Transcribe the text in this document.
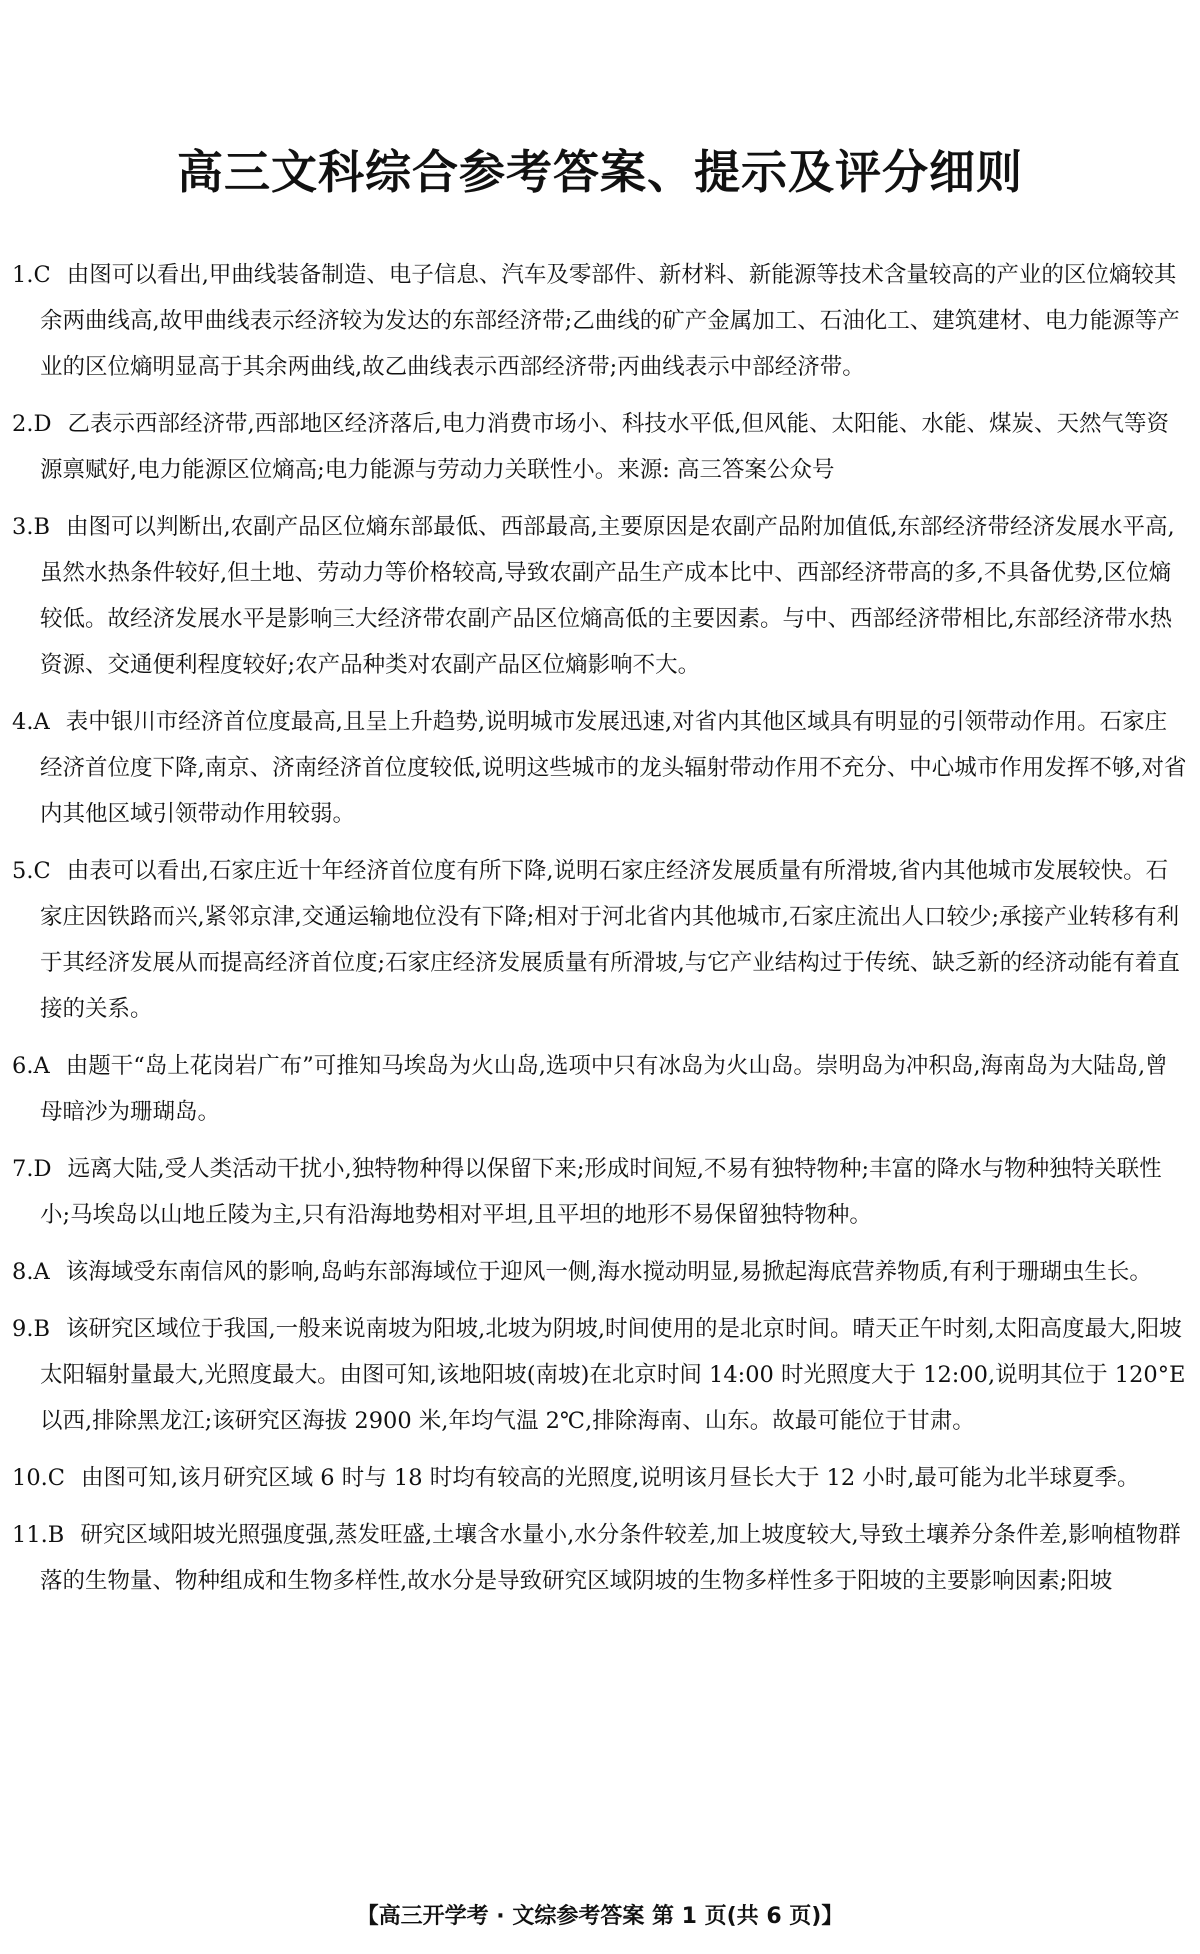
高三文科综合参考答案、提示及评分细则

1.C 由图可以看出,甲曲线装备制造、电子信息、汽车及零部件、新材料、新能源等技术含量较高的产业的区位熵较其余两曲线高,故甲曲线表示经济较为发达的东部经济带;乙曲线的矿产金属加工、石油化工、建筑建材、电力能源等产业的区位熵明显高于其余两曲线,故乙曲线表示西部经济带;丙曲线表示中部经济带。

2.D 乙表示西部经济带,西部地区经济落后,电力消费市场小、科技水平低,但风能、太阳能、水能、煤炭、天然气等资源禀赋好,电力能源区位熵高;电力能源与劳动力关联性小。来源: 高三答案公众号

3.B 由图可以判断出,农副产品区位熵东部最低、西部最高,主要原因是农副产品附加值低,东部经济带经济发展水平高,虽然水热条件较好,但土地、劳动力等价格较高,导致农副产品生产成本比中、西部经济带高的多,不具备优势,区位熵较低。故经济发展水平是影响三大经济带农副产品区位熵高低的主要因素。与中、西部经济带相比,东部经济带水热资源、交通便利程度较好;农产品种类对农副产品区位熵影响不大。

4.A 表中银川市经济首位度最高,且呈上升趋势,说明城市发展迅速,对省内其他区域具有明显的引领带动作用。石家庄经济首位度下降,南京、济南经济首位度较低,说明这些城市的龙头辐射带动作用不充分、中心城市作用发挥不够,对省内其他区域引领带动作用较弱。

5.C 由表可以看出,石家庄近十年经济首位度有所下降,说明石家庄经济发展质量有所滑坡,省内其他城市发展较快。石家庄因铁路而兴,紧邻京津,交通运输地位没有下降;相对于河北省内其他城市,石家庄流出人口较少;承接产业转移有利于其经济发展从而提高经济首位度;石家庄经济发展质量有所滑坡,与它产业结构过于传统、缺乏新的经济动能有着直接的关系。

6.A 由题干“岛上花岗岩广布”可推知马埃岛为火山岛,选项中只有冰岛为火山岛。崇明岛为冲积岛,海南岛为大陆岛,曾母暗沙为珊瑚岛。

7.D 远离大陆,受人类活动干扰小,独特物种得以保留下来;形成时间短,不易有独特物种;丰富的降水与物种独特关联性小;马埃岛以山地丘陵为主,只有沿海地势相对平坦,且平坦的地形不易保留独特物种。

8.A 该海域受东南信风的影响,岛屿东部海域位于迎风一侧,海水搅动明显,易掀起海底营养物质,有利于珊瑚虫生长。

9.B 该研究区域位于我国,一般来说南坡为阳坡,北坡为阴坡,时间使用的是北京时间。晴天正午时刻,太阳高度最大,阳坡太阳辐射量最大,光照度最大。由图可知,该地阳坡(南坡)在北京时间 14:00 时光照度大于 12:00,说明其位于 120°E 以西,排除黑龙江;该研究区海拔 2900 米,年均气温 2℃,排除海南、山东。故最可能位于甘肃。

10.C 由图可知,该月研究区域 6 时与 18 时均有较高的光照度,说明该月昼长大于 12 小时,最可能为北半球夏季。

11.B 研究区域阳坡光照强度强,蒸发旺盛,土壤含水量小,水分条件较差,加上坡度较大,导致土壤养分条件差,影响植物群落的生物量、物种组成和生物多样性,故水分是导致研究区域阴坡的生物多样性多于阳坡的主要影响因素;阳坡

【高三开学考 · 文综参考答案 第 1 页(共 6 页)】
